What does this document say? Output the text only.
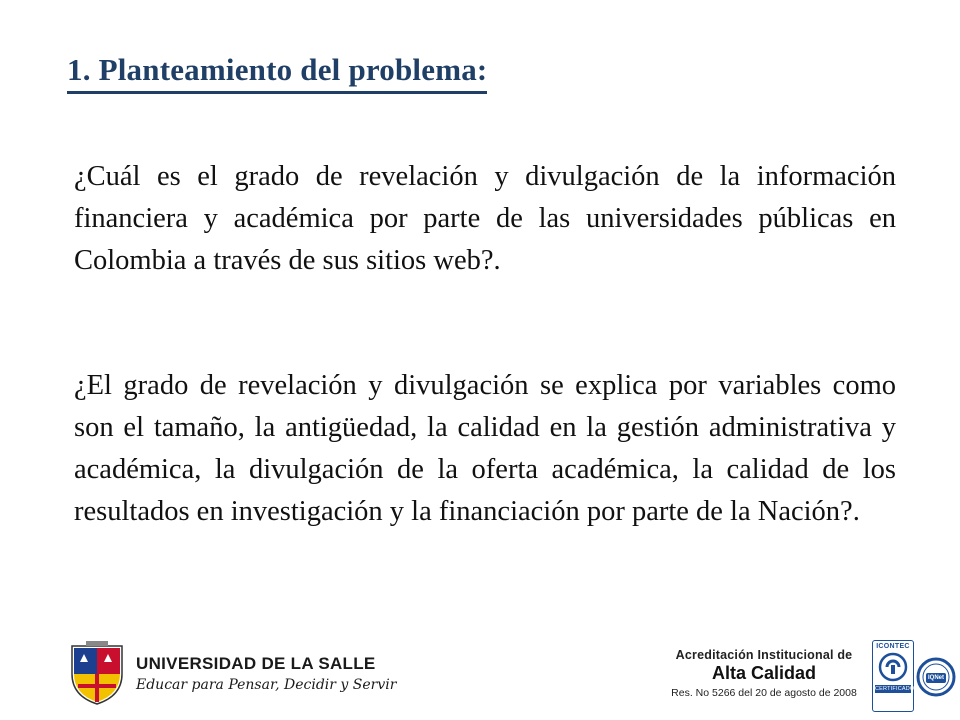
1. Planteamiento del problema:

¿Cuál es el grado de revelación y divulgación de la información financiera y académica por parte de las universidades públicas en Colombia a través de sus sitios web?.

¿El grado de revelación y divulgación se explica por variables como son el tamaño, la antigüedad, la calidad en la gestión administrativa y académica, la divulgación de la oferta académica, la calidad de los resultados en investigación y la financiación por parte de la Nación?.

UNIVERSIDAD DE LA SALLE
Educar para Pensar, Decidir y Servir
Acreditación Institucional de
Alta Calidad
Res. No 5266 del 20 de agosto de 2008
ICONTEC
CERTIFICADO
IQNet
